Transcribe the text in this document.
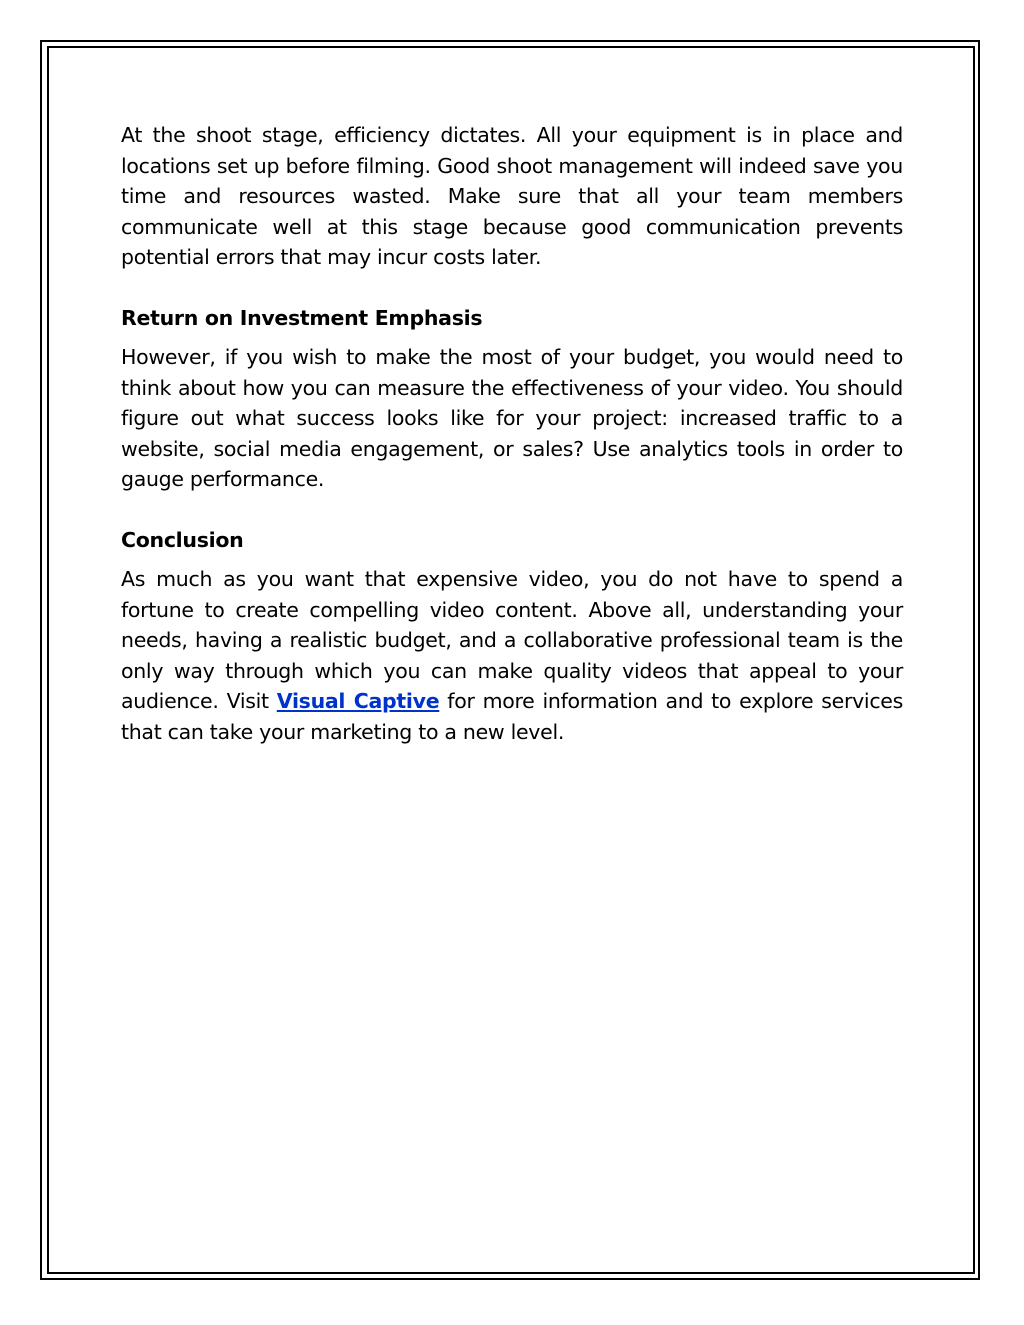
At the shoot stage, efficiency dictates. All your equipment is in place and locations set up before filming. Good shoot management will indeed save you time and resources wasted. Make sure that all your team members communicate well at this stage because good communication prevents potential errors that may incur costs later.

Return on Investment Emphasis

However, if you wish to make the most of your budget, you would need to think about how you can measure the effectiveness of your video. You should figure out what success looks like for your project: increased traffic to a website, social media engagement, or sales? Use analytics tools in order to gauge performance.

Conclusion

As much as you want that expensive video, you do not have to spend a fortune to create compelling video content. Above all, understanding your needs, having a realistic budget, and a collaborative professional team is the only way through which you can make quality videos that appeal to your audience. Visit Visual Captive for more information and to explore services that can take your marketing to a new level.
